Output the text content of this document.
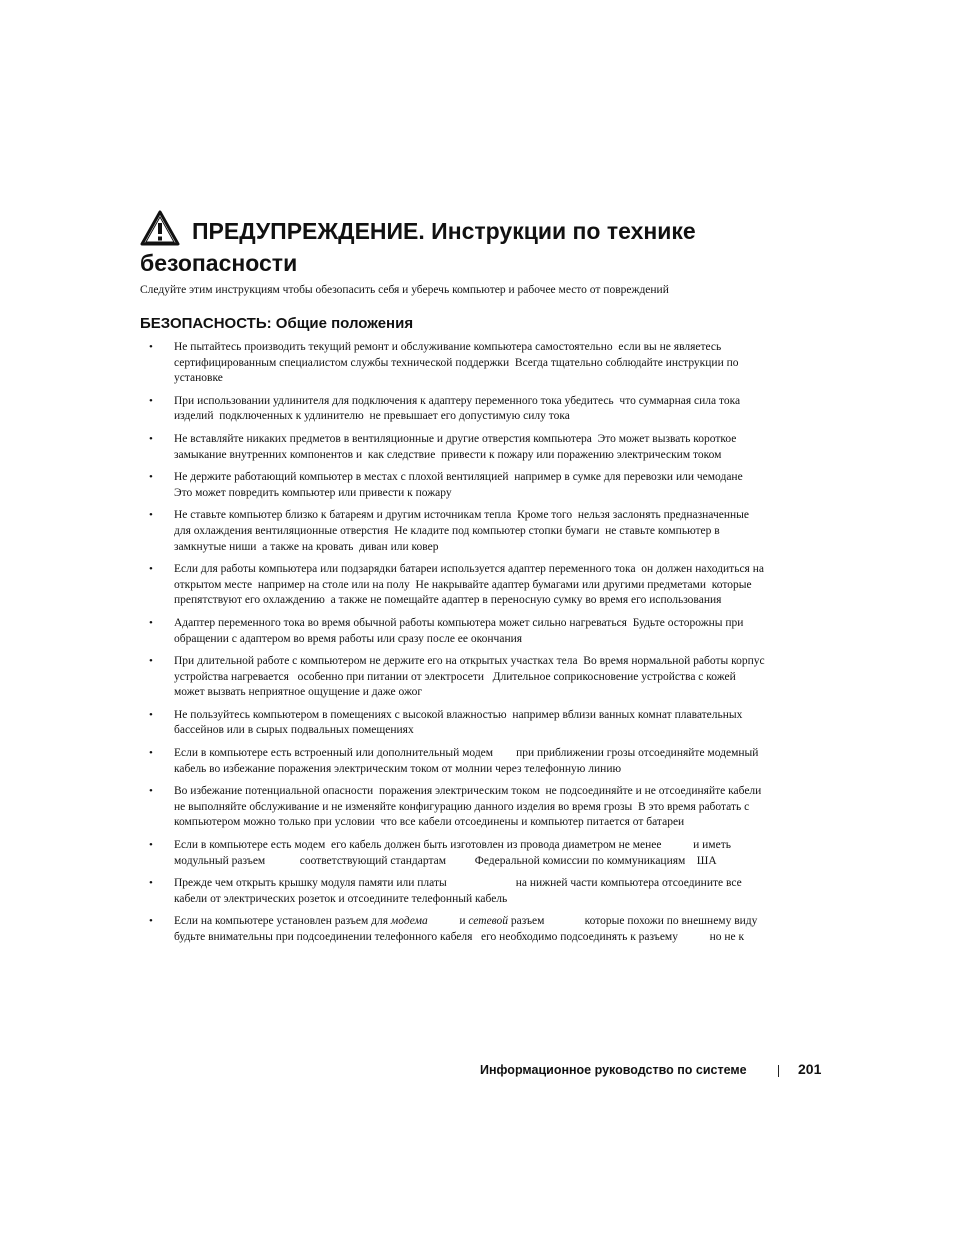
ПРЕДУПРЕЖДЕНИЕ. Инструкции по технике
безопасности
Следуйте этим инструкциям чтобы обезопасить себя и уберечь компьютер и рабочее место от повреждений
БЕЗОПАСНОСТЬ: Общие положения
• Не пытайтесь производить текущий ремонт и обслуживание компьютера самостоятельно  если вы не являетесь сертифицированным специалистом службы технической поддержки  Всегда тщательно соблюдайте инструкции по установке
• При использовании удлинителя для подключения к адаптеру переменного тока убедитесь  что суммарная сила тока изделий  подключенных к удлинителю  не превышает его допустимую силу тока
• Не вставляйте никаких предметов в вентиляционные и другие отверстия компьютера  Это может вызвать короткое замыкание внутренних компонентов и  как следствие  привести к пожару или поражению электрическим током
• Не держите работающий компьютер в местах с плохой вентиляцией  например в сумке для перевозки или чемодане  Это может повредить компьютер или привести к пожару
• Не ставьте компьютер близко к батареям и другим источникам тепла  Кроме того  нельзя заслонять предназначенные для охлаждения вентиляционные отверстия  Не кладите под компьютер стопки бумаги  не ставьте компьютер в замкнутые ниши  а также на кровать  диван или ковер
• Если для работы компьютера или подзарядки батареи используется адаптер переменного тока  он должен находиться на открытом месте  например на столе или на полу  Не накрывайте адаптер бумагами или другими предметами  которые препятствуют его охлаждению  а также не помещайте адаптер в переносную сумку во время его использования
• Адаптер переменного тока во время обычной работы компьютера может сильно нагреваться  Будьте осторожны при обращении с адаптером во время работы или сразу после ее окончания
• При длительной работе с компьютером не держите его на открытых участках тела  Во время нормальной работы корпус устройства нагревается   особенно при питании от электросети   Длительное соприкосновение устройства с кожей может вызвать неприятное ощущение и даже ожог
• Не пользуйтесь компьютером в помещениях с высокой влажностью  например вблизи ванных комнат плавательных бассейнов или в сырых подвальных помещениях
• Если в компьютере есть встроенный или дополнительный модем        при приближении грозы отсоединяйте модемный кабель во избежание поражения электрическим током от молнии через телефонную линию
• Во избежание потенциальной опасности  поражения электрическим током  не подсоединяйте и не отсоединяйте кабели  не выполняйте обслуживание и не изменяйте конфигурацию данного изделия во время грозы  В это время работать с компьютером можно только при условии  что все кабели отсоединены и компьютер питается от батареи
• Если в компьютере есть модем  его кабель должен быть изготовлен из провода диаметром не менее           и иметь модульный разъем            соответствующий стандартам          Федеральной комиссии по коммуникациям    ША
• Прежде чем открыть крышку модуля памяти или платы                        на нижней части компьютера отсоедините все кабели от электрических розеток и отсоедините телефонный кабель
• Если на компьютере установлен разъем для модема           и сетевой разъем              которые похожи по внешнему виду  будьте внимательны при подсоединении телефонного кабеля   его необходимо подсоединять к разъему           но не к
Информационное руководство по системе	201
